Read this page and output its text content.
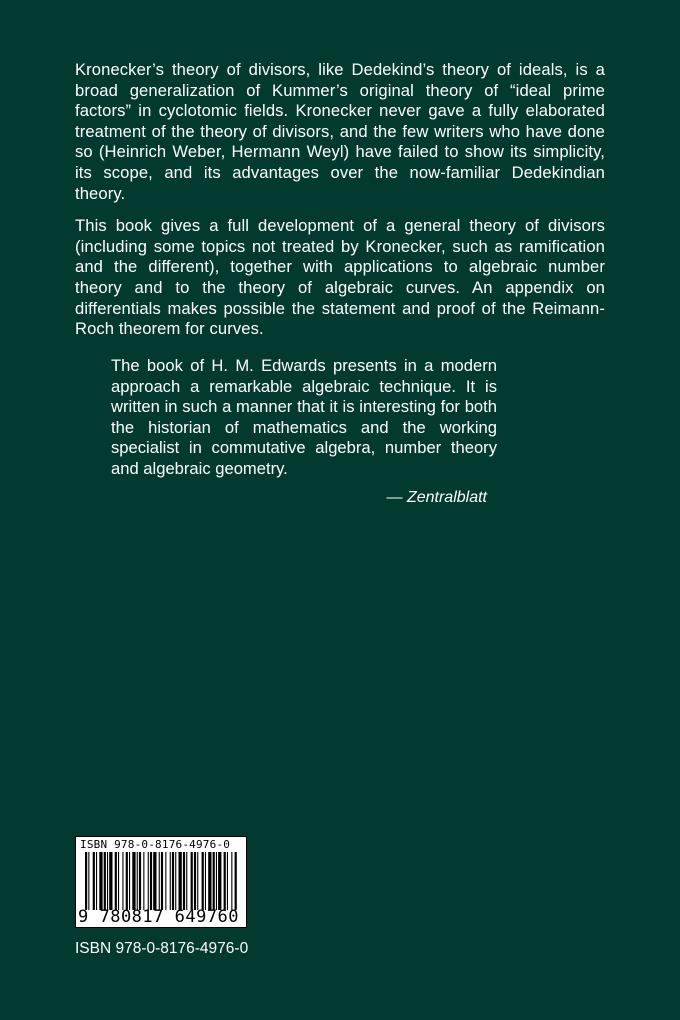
Kronecker’s theory of divisors, like Dedekind’s theory of ideals, is a broad generalization of Kummer’s original theory of “ideal prime factors” in cyclotomic fields. Kronecker never gave a fully elaborated treatment of the theory of divisors, and the few writers who have done so (Heinrich Weber, Hermann Weyl) have failed to show its simplicity, its scope, and its advantages over the now-familiar Dedekindian theory.

This book gives a full development of a general theory of divisors (including some topics not treated by Kronecker, such as ramification and the different), together with applications to algebraic number theory and to the theory of algebraic curves. An appendix on differentials makes possible the statement and proof of the Reimann-Roch theorem for curves.

The book of H. M. Edwards presents in a modern approach a remarkable algebraic technique. It is written in such a manner that it is interesting for both the historian of mathematics and the working specialist in commutative algebra, number theory and algebraic geometry.

— Zentralblatt
ISBN 978-0-8176-4976-0
9 780817 649760
ISBN 978-0-8176-4976-0
